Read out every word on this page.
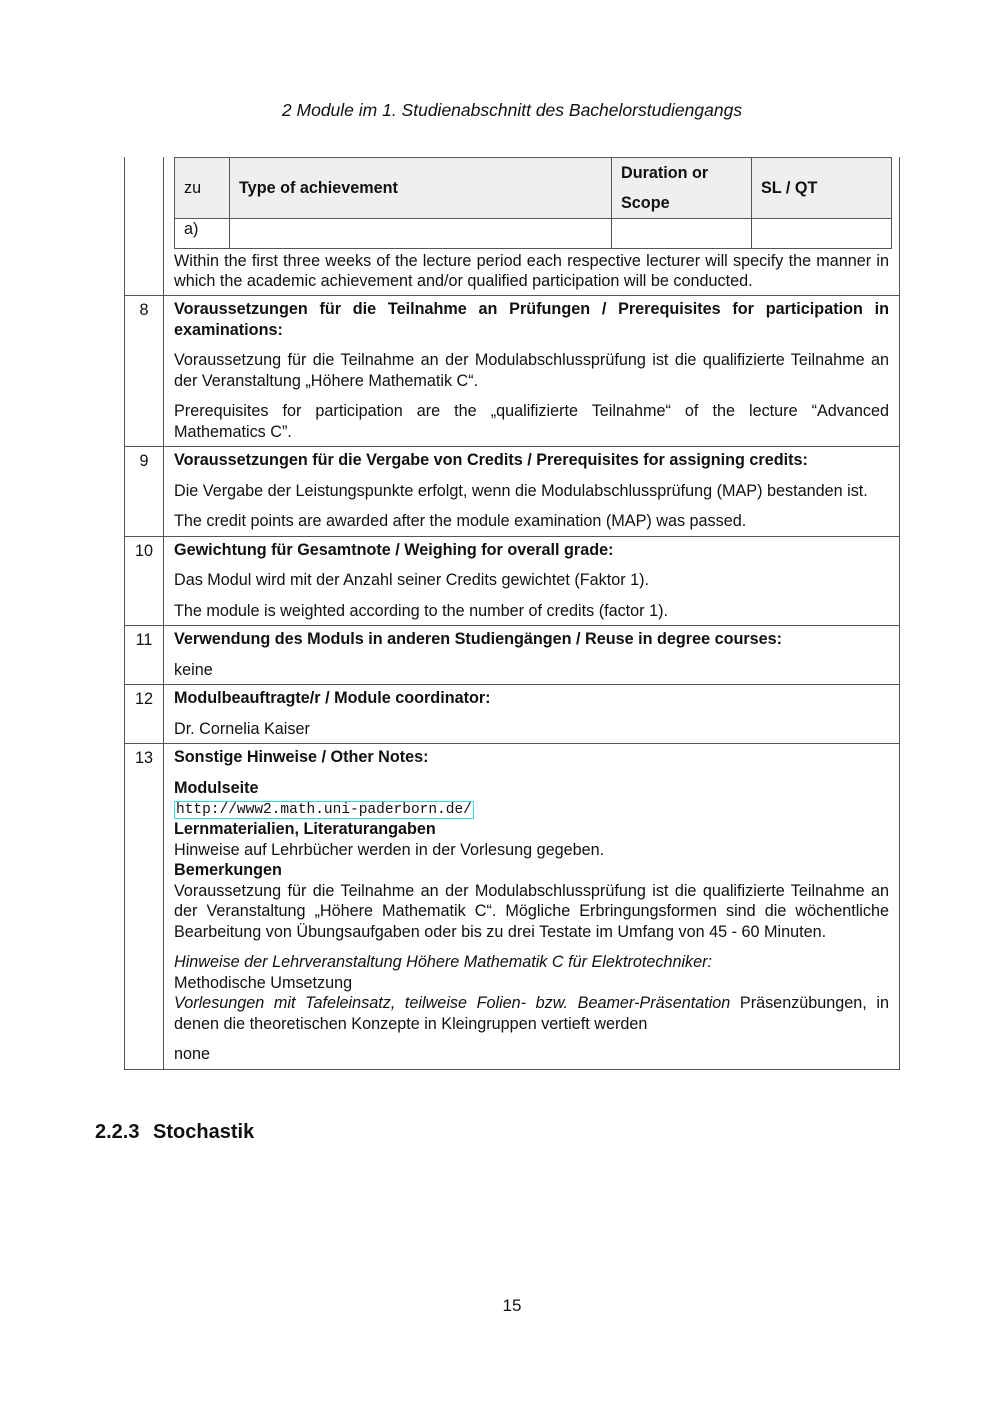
2 Module im 1. Studienabschnitt des Bachelorstudiengangs

zu	Type of achievement	Duration or Scope	SL / QT
a)			

Within the first three weeks of the lecture period each respective lecturer will specify the manner in which the academic achievement and/or qualified participation will be conducted.

8	Voraussetzungen für die Teilnahme an Prüfungen / Prerequisites for participation in examinations:

Voraussetzung für die Teilnahme an der Modulabschlussprüfung ist die qualifizierte Teilnahme an der Veranstaltung „Höhere Mathematik C“.

Prerequisites for participation are the „qualifizierte Teilnahme“ of the lecture “Advanced Mathematics C”.

9	Voraussetzungen für die Vergabe von Credits / Prerequisites for assigning credits:

Die Vergabe der Leistungspunkte erfolgt, wenn die Modulabschlussprüfung (MAP) bestanden ist.

The credit points are awarded after the module examination (MAP) was passed.

10	Gewichtung für Gesamtnote / Weighing for overall grade:

Das Modul wird mit der Anzahl seiner Credits gewichtet (Faktor 1).

The module is weighted according to the number of credits (factor 1).

11	Verwendung des Moduls in anderen Studiengängen / Reuse in degree courses:

keine

12	Modulbeauftragte/r / Module coordinator:

Dr. Cornelia Kaiser

13	Sonstige Hinweise / Other Notes:

Modulseite

http://www2.math.uni-paderborn.de/

Lernmaterialien, Literaturangaben

Hinweise auf Lehrbücher werden in der Vorlesung gegeben.

Bemerkungen

Voraussetzung für die Teilnahme an der Modulabschlussprüfung ist die qualifizierte Teilnahme an der Veranstaltung „Höhere Mathematik C“. Mögliche Erbringungsformen sind die wöchentliche Bearbeitung von Übungsaufgaben oder bis zu drei Testate im Umfang von 45 - 60 Minuten.

Hinweise der Lehrveranstaltung Höhere Mathematik C für Elektrotechniker:

Methodische Umsetzung

Vorlesungen mit Tafeleinsatz, teilweise Folien- bzw. Beamer-Präsentation Präsenzübungen, in denen die theoretischen Konzepte in Kleingruppen vertieft werden

none

2.2.3 Stochastik
15
